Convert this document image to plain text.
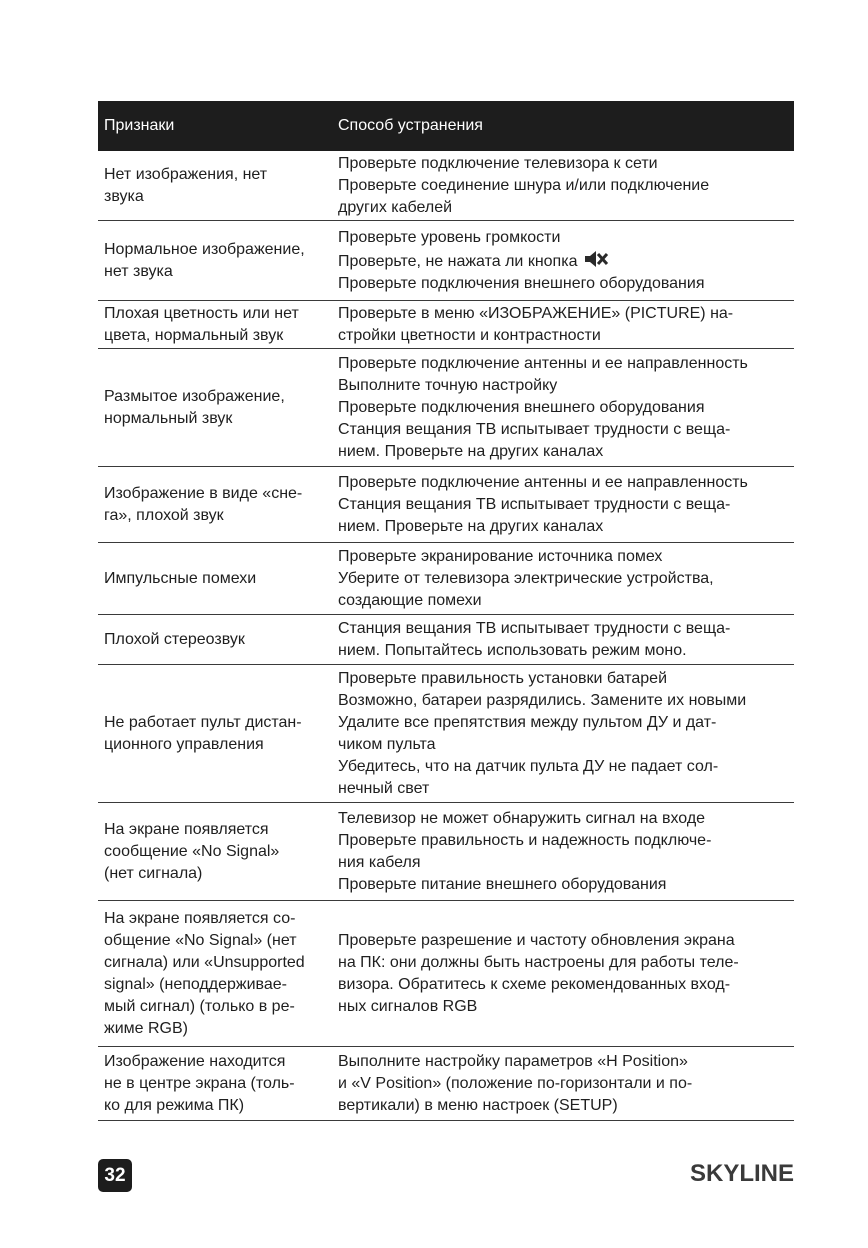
Признаки	Способ устранения
Нет изображения, нет
звука
Проверьте подключение телевизора к сети
Проверьте соединение шнура и/или подключение
других кабелей
Нормальное изображение,
нет звука
Проверьте уровень громкости
Проверьте, не нажата ли кнопка
Проверьте подключения внешнего оборудования
Плохая цветность или нет
цвета, нормальный звук
Проверьте в меню «ИЗОБРАЖЕНИЕ» (PICTURE) на-
стройки цветности и контрастности
Размытое изображение,
нормальный звук
Проверьте подключение антенны и ее направленность
Выполните точную настройку
Проверьте подключения внешнего оборудования
Станция вещания ТВ испытывает трудности с веща-
нием. Проверьте на других каналах
Изображение в виде «сне-
га», плохой звук
Проверьте подключение антенны и ее направленность
Станция вещания ТВ испытывает трудности с веща-
нием. Проверьте на других каналах
Импульсные помехи
Проверьте экранирование источника помех
Уберите от телевизора электрические устройства,
создающие помехи
Плохой стереозвук
Станция вещания ТВ испытывает трудности с веща-
нием. Попытайтесь использовать режим моно.
Не работает пульт дистан-
ционного управления
Проверьте правильность установки батарей
Возможно, батареи разрядились. Замените их новыми
Удалите все препятствия между пультом ДУ и дат-
чиком пульта
Убедитесь, что на датчик пульта ДУ не падает сол-
нечный свет
На экране появляется
сообщение «No Signal»
(нет сигнала)
Телевизор не может обнаружить сигнал на входе
Проверьте правильность и надежность подключе-
ния кабеля
Проверьте питание внешнего оборудования
На экране появляется со-
общение «No Signal» (нет
сигнала) или «Unsupported
signal» (неподдерживае-
мый сигнал) (только в ре-
жиме RGB)
Проверьте разрешение и частоту обновления экрана
на ПК: они должны быть настроены для работы теле-
визора. Обратитесь к схеме рекомендованных вход-
ных сигналов RGB
Изображение находится
не в центре экрана (толь-
ко для режима ПК)
Выполните настройку параметров «H Position»
и «V Position» (положение по-горизонтали и по-
вертикали) в меню настроек (SETUP)
32	SKYLINE
